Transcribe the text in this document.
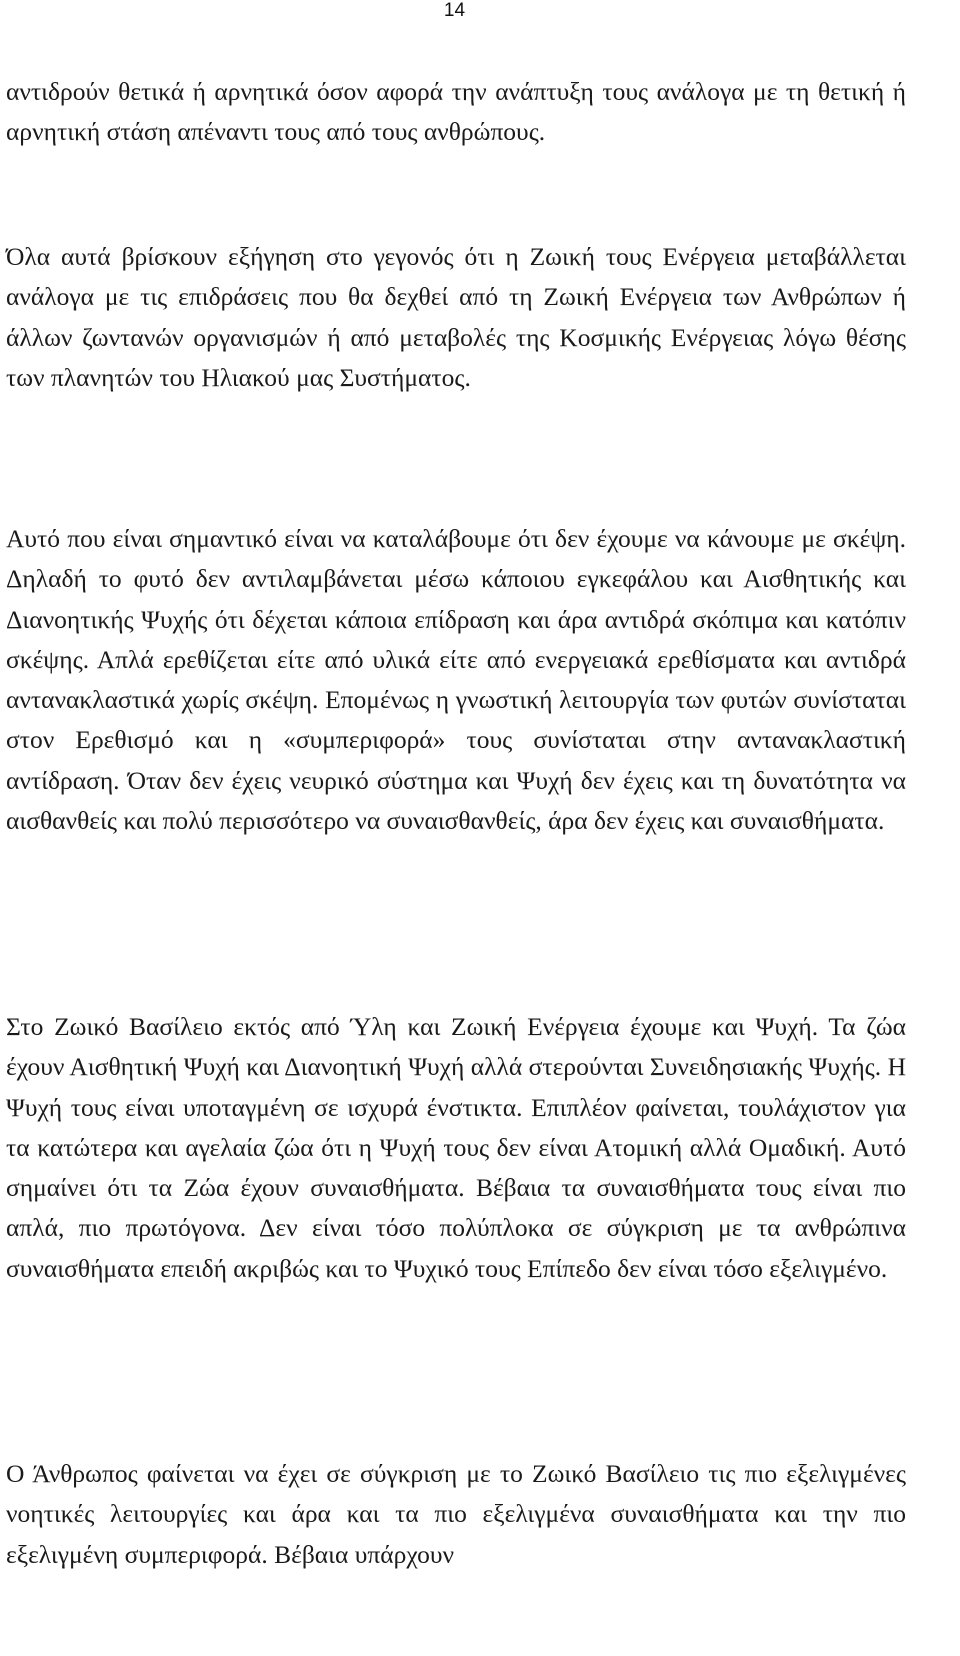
14

αντιδρούν θετικά ή αρνητικά όσον αφορά την ανάπτυξη τους ανάλογα με τη θετική ή αρνητική στάση απέναντι τους από τους ανθρώπους.

Όλα αυτά βρίσκουν εξήγηση στο γεγονός ότι η Ζωική τους Ενέργεια μεταβάλλεται ανάλογα με τις επιδράσεις που θα δεχθεί από τη Ζωική Ενέργεια των Ανθρώπων ή άλλων ζωντανών οργανισμών ή από μεταβολές της Κοσμικής Ενέργειας λόγω θέσης των πλανητών του Ηλιακού μας Συστήματος.

Αυτό που είναι σημαντικό είναι να καταλάβουμε ότι δεν έχουμε να κάνουμε με σκέψη. Δηλαδή το φυτό δεν αντιλαμβάνεται μέσω κάποιου εγκεφάλου και Αισθητικής και Διανοητικής Ψυχής ότι δέχεται κάποια επίδραση και άρα αντιδρά σκόπιμα και κατόπιν σκέψης. Απλά ερεθίζεται είτε από υλικά είτε από ενεργειακά ερεθίσματα και αντιδρά αντανακλαστικά χωρίς σκέψη. Επομένως η γνωστική λειτουργία των φυτών συνίσταται στον Ερεθισμό και η «συμπεριφορά» τους συνίσταται στην αντανακλαστική αντίδραση. Όταν δεν έχεις νευρικό σύστημα και Ψυχή δεν έχεις και τη δυνατότητα να αισθανθείς και πολύ περισσότερο να συναισθανθείς, άρα δεν έχεις και συναισθήματα.

Στο Ζωικό Βασίλειο εκτός από Ύλη και Ζωική Ενέργεια έχουμε και Ψυχή. Τα ζώα έχουν Αισθητική Ψυχή και Διανοητική Ψυχή αλλά στερούνται Συνειδησιακής Ψυχής. Η Ψυχή τους είναι υποταγμένη σε ισχυρά ένστικτα. Επιπλέον φαίνεται, τουλάχιστον για τα κατώτερα και αγελαία ζώα ότι η Ψυχή τους δεν είναι Ατομική αλλά Ομαδική. Αυτό σημαίνει ότι τα Ζώα έχουν συναισθήματα. Βέβαια τα συναισθήματα τους είναι πιο απλά, πιο πρωτόγονα. Δεν είναι τόσο πολύπλοκα σε σύγκριση με τα ανθρώπινα συναισθήματα επειδή ακριβώς και το Ψυχικό τους Επίπεδο δεν είναι τόσο εξελιγμένο.

Ο Άνθρωπος φαίνεται να έχει σε σύγκριση με το Ζωικό Βασίλειο τις πιο εξελιγμένες νοητικές λειτουργίες και άρα και τα πιο εξελιγμένα συναισθήματα και την πιο εξελιγμένη συμπεριφορά. Βέβαια υπάρχουν
